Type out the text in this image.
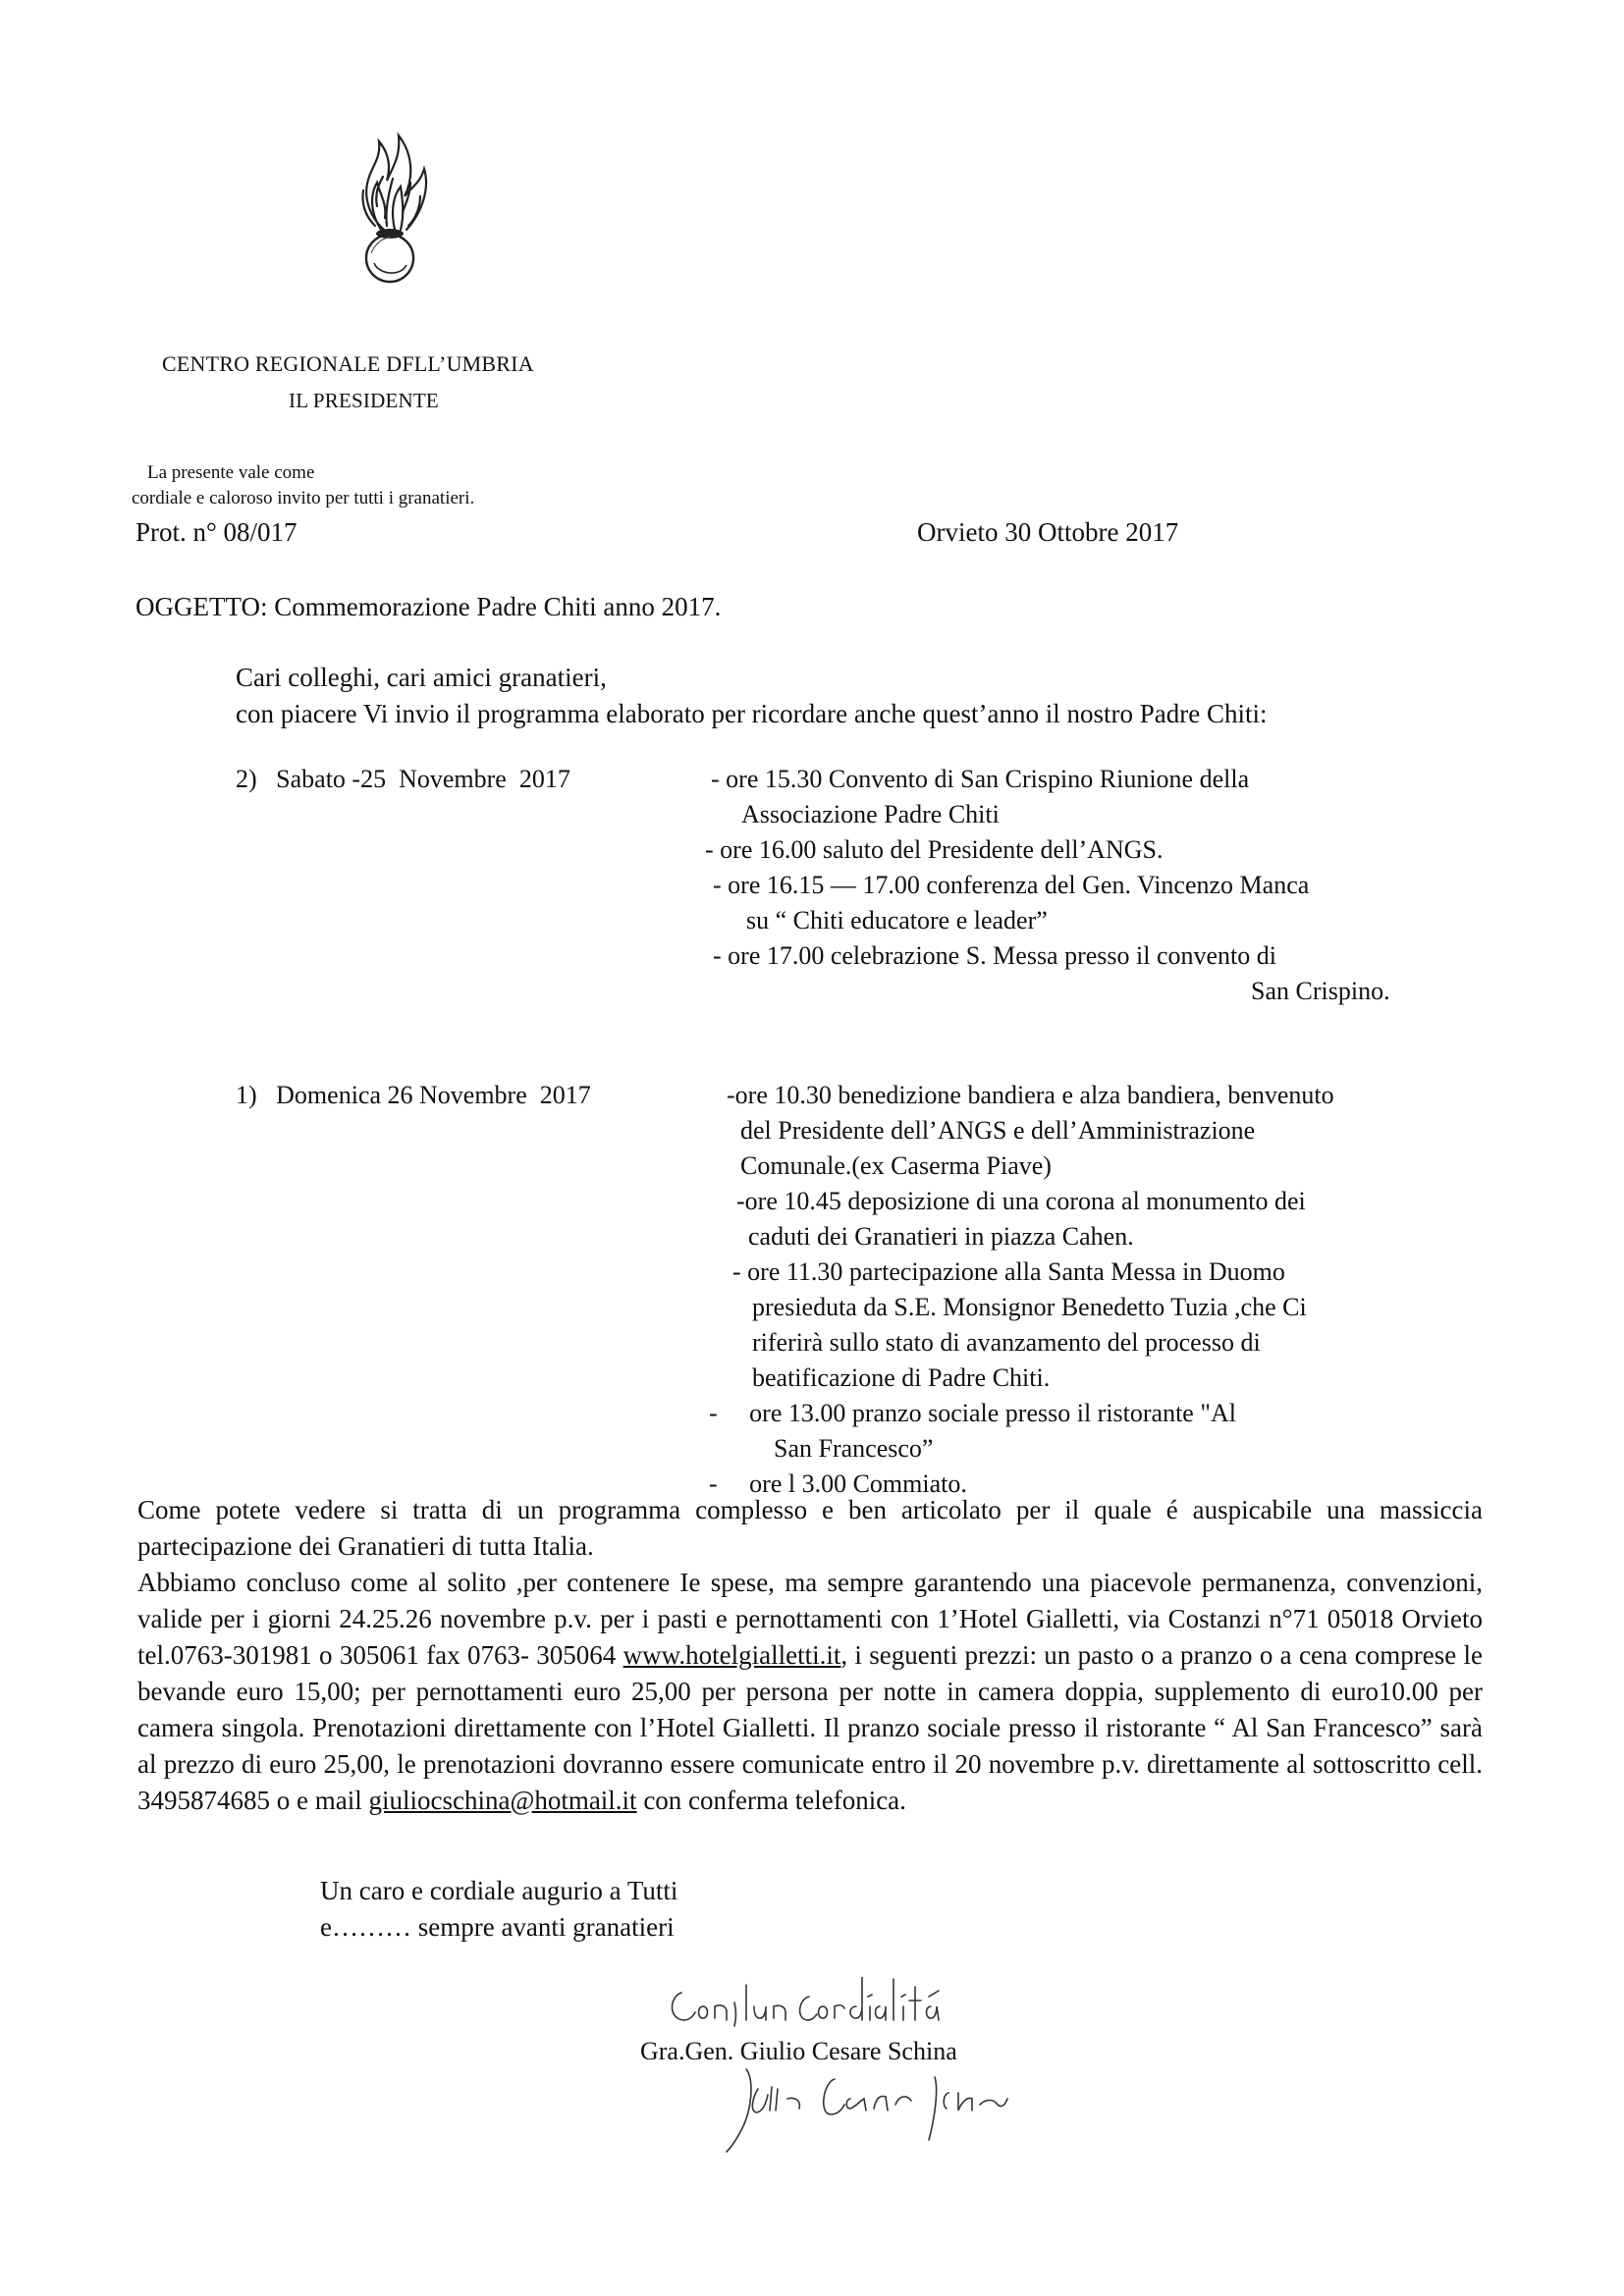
CENTRO REGIONALE DFLL’UMBRIA
IL PRESIDENTE
La presente vale come
cordiale e caloroso invito per tutti i granatieri.
Prot. n° 08/017	Orvieto 30 Ottobre 2017
OGGETTO: Commemorazione Padre Chiti anno 2017.
Cari colleghi, cari amici granatieri,
con piacere Vi invio il programma elaborato per ricordare anche quest’anno il nostro Padre Chiti:
2)   Sabato -25  Novembre  2017	- ore 15.30 Convento di San Crispino Riunione della
Associazione Padre Chiti
- ore 16.00 saluto del Presidente dell’ANGS.
- ore 16.15 — 17.00 conferenza del Gen. Vincenzo Manca
su “ Chiti educatore e leader”
- ore 17.00 celebrazione S. Messa presso il convento di
San Crispino.
1)   Domenica 26 Novembre  2017	-ore 10.30 benedizione bandiera e alza bandiera, benvenuto
del Presidente dell’ANGS e dell’Amministrazione
Comunale.(ex Caserma Piave)
-ore 10.45 deposizione di una corona al monumento dei
caduti dei Granatieri in piazza Cahen.
- ore 11.30 partecipazione alla Santa Messa in Duomo
presieduta da S.E. Monsignor Benedetto Tuzia ,che Ci
riferirà sullo stato di avanzamento del processo di
beatificazione di Padre Chiti.
-     ore 13.00 pranzo sociale presso il ristorante "Al
San Francesco”
-     ore l 3.00 Commiato.
Come potete vedere si tratta di un programma complesso e ben articolato per il quale é auspicabile una massiccia partecipazione dei Granatieri di tutta Italia.
Abbiamo concluso come al solito ,per contenere Ie spese, ma sempre garantendo una piacevole permanenza, convenzioni, valide per i giorni 24.25.26 novembre p.v. per i pasti e pernottamenti con 1’Hotel Gialletti, via Costanzi n°71 05018 Orvieto tel.0763-301981 o 305061 fax 0763- 305064 www.hotelgialletti.it, i seguenti prezzi: un pasto o a pranzo o a cena comprese le bevande euro 15,00; per pernottamenti euro 25,00 per persona per notte in camera doppia, supplemento di euro10.00 per camera singola. Prenotazioni direttamente con l’Hotel Gialletti. Il pranzo sociale presso il ristorante “ Al San Francesco” sarà al prezzo di euro 25,00, le prenotazioni dovranno essere comunicate entro il 20 novembre p.v. direttamente al sottoscritto cell. 3495874685 o e mail giuliocschina@hotmail.it con conferma telefonica.
Un caro e cordiale augurio a Tutti
e……… sempre avanti granatieri
Gra.Gen. Giulio Cesare Schina
